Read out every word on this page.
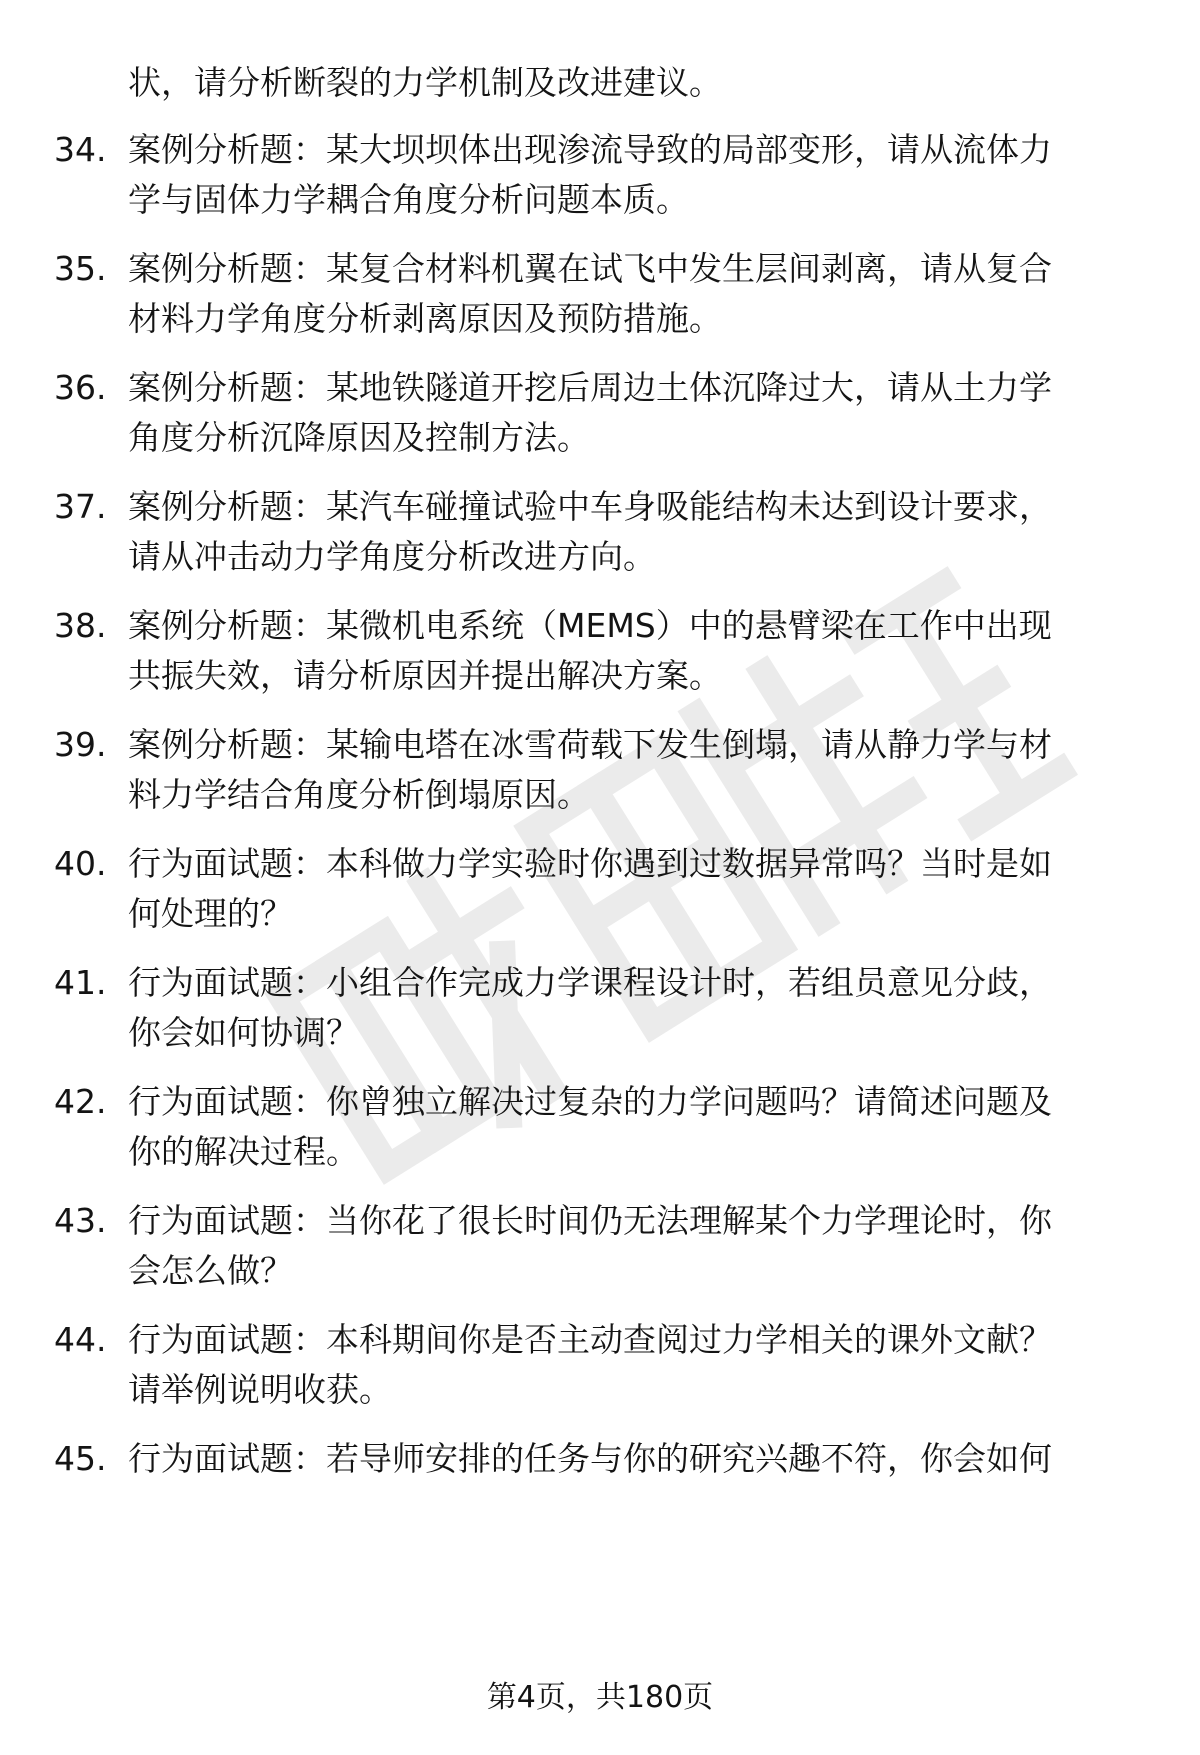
状，请分析断裂的力学机制及改进建议。
34. 案例分析题：某大坝坝体出现渗流导致的局部变形，请从流体力
学与固体力学耦合角度分析问题本质。
35. 案例分析题：某复合材料机翼在试飞中发生层间剥离，请从复合
材料力学角度分析剥离原因及预防措施。
36. 案例分析题：某地铁隧道开挖后周边土体沉降过大，请从土力学
角度分析沉降原因及控制方法。
37. 案例分析题：某汽车碰撞试验中车身吸能结构未达到设计要求，
请从冲击动力学角度分析改进方向。
38. 案例分析题：某微机电系统（MEMS）中的悬臂梁在工作中出现
共振失效，请分析原因并提出解决方案。
39. 案例分析题：某输电塔在冰雪荷载下发生倒塌，请从静力学与材
料力学结合角度分析倒塌原因。
40. 行为面试题：本科做力学实验时你遇到过数据异常吗？当时是如
何处理的？
41. 行为面试题：小组合作完成力学课程设计时，若组员意见分歧，
你会如何协调？
42. 行为面试题：你曾独立解决过复杂的力学问题吗？请简述问题及
你的解决过程。
43. 行为面试题：当你花了很长时间仍无法理解某个力学理论时，你
会怎么做？
44. 行为面试题：本科期间你是否主动查阅过力学相关的课外文献？
请举例说明收获。
45. 行为面试题：若导师安排的任务与你的研究兴趣不符，你会如何
第4页，共180页
